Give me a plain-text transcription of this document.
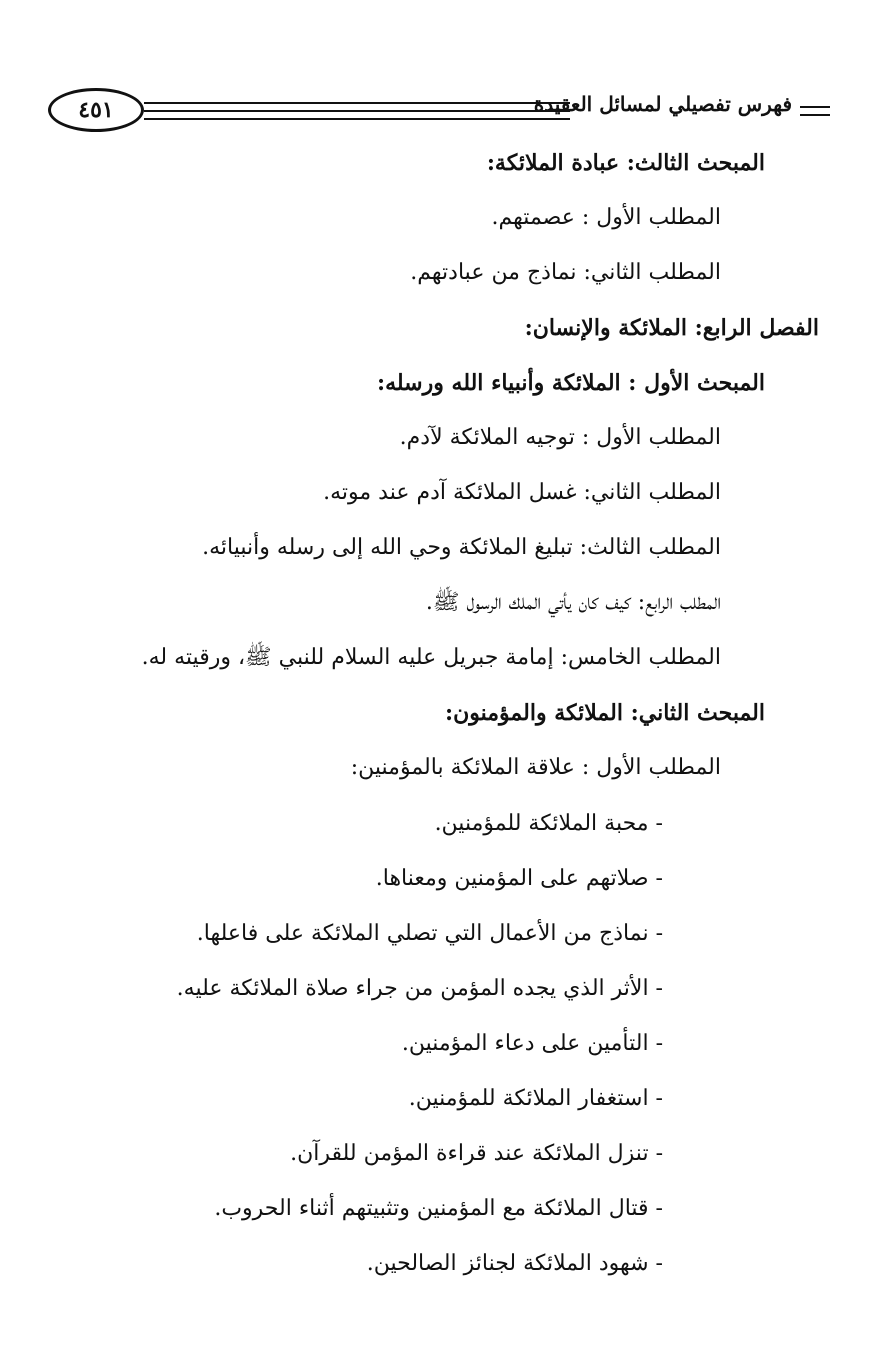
٤٥١	فهرس تفصيلي لمسائل العقيدة
المبحث الثالث: عبادة الملائكة:
المطلب الأول : عصمتهم.
المطلب الثاني: نماذج من عبادتهم.
الفصل الرابع: الملائكة والإنسان:
المبحث الأول : الملائكة وأنبياء الله ورسله:
المطلب الأول : توجيه الملائكة لآدم.
المطلب الثاني: غسل الملائكة آدم عند موته.
المطلب الثالث: تبليغ الملائكة وحي الله إلى رسله وأنبيائه.
المطلب الرابع: كيف كان يأتي الملك الرسول ﷺ.
المطلب الخامس: إمامة جبريل عليه السلام للنبي ﷺ، ورقيته له.
المبحث الثاني: الملائكة والمؤمنون:
المطلب الأول : علاقة الملائكة بالمؤمنين:
- محبة الملائكة للمؤمنين.
- صلاتهم على المؤمنين ومعناها.
- نماذج من الأعمال التي تصلي الملائكة على فاعلها.
- الأثر الذي يجده المؤمن من جراء صلاة الملائكة عليه.
- التأمين على دعاء المؤمنين.
- استغفار الملائكة للمؤمنين.
- تنزل الملائكة عند قراءة المؤمن للقرآن.
- قتال الملائكة مع المؤمنين وتثبيتهم أثناء الحروب.
- شهود الملائكة لجنائز الصالحين.
